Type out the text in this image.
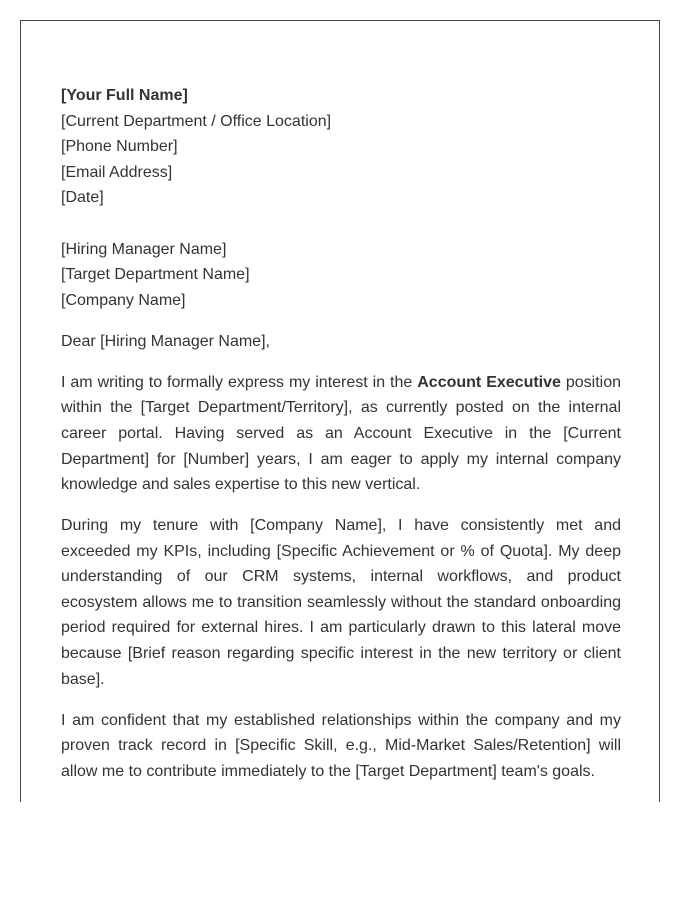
[Your Full Name]
[Current Department / Office Location]
[Phone Number]
[Email Address]
[Date]
[Hiring Manager Name]
[Target Department Name]
[Company Name]
Dear [Hiring Manager Name],

I am writing to formally express my interest in the Account Executive position within the [Target Department/Territory], as currently posted on the internal career portal. Having served as an Account Executive in the [Current Department] for [Number] years, I am eager to apply my internal company knowledge and sales expertise to this new vertical.

During my tenure with [Company Name], I have consistently met and exceeded my KPIs, including [Specific Achievement or % of Quota]. My deep understanding of our CRM systems, internal workflows, and product ecosystem allows me to transition seamlessly without the standard onboarding period required for external hires. I am particularly drawn to this lateral move because [Brief reason regarding specific interest in the new territory or client base].

I am confident that my established relationships within the company and my proven track record in [Specific Skill, e.g., Mid-Market Sales/Retention] will allow me to contribute immediately to the [Target Department] team's goals.
